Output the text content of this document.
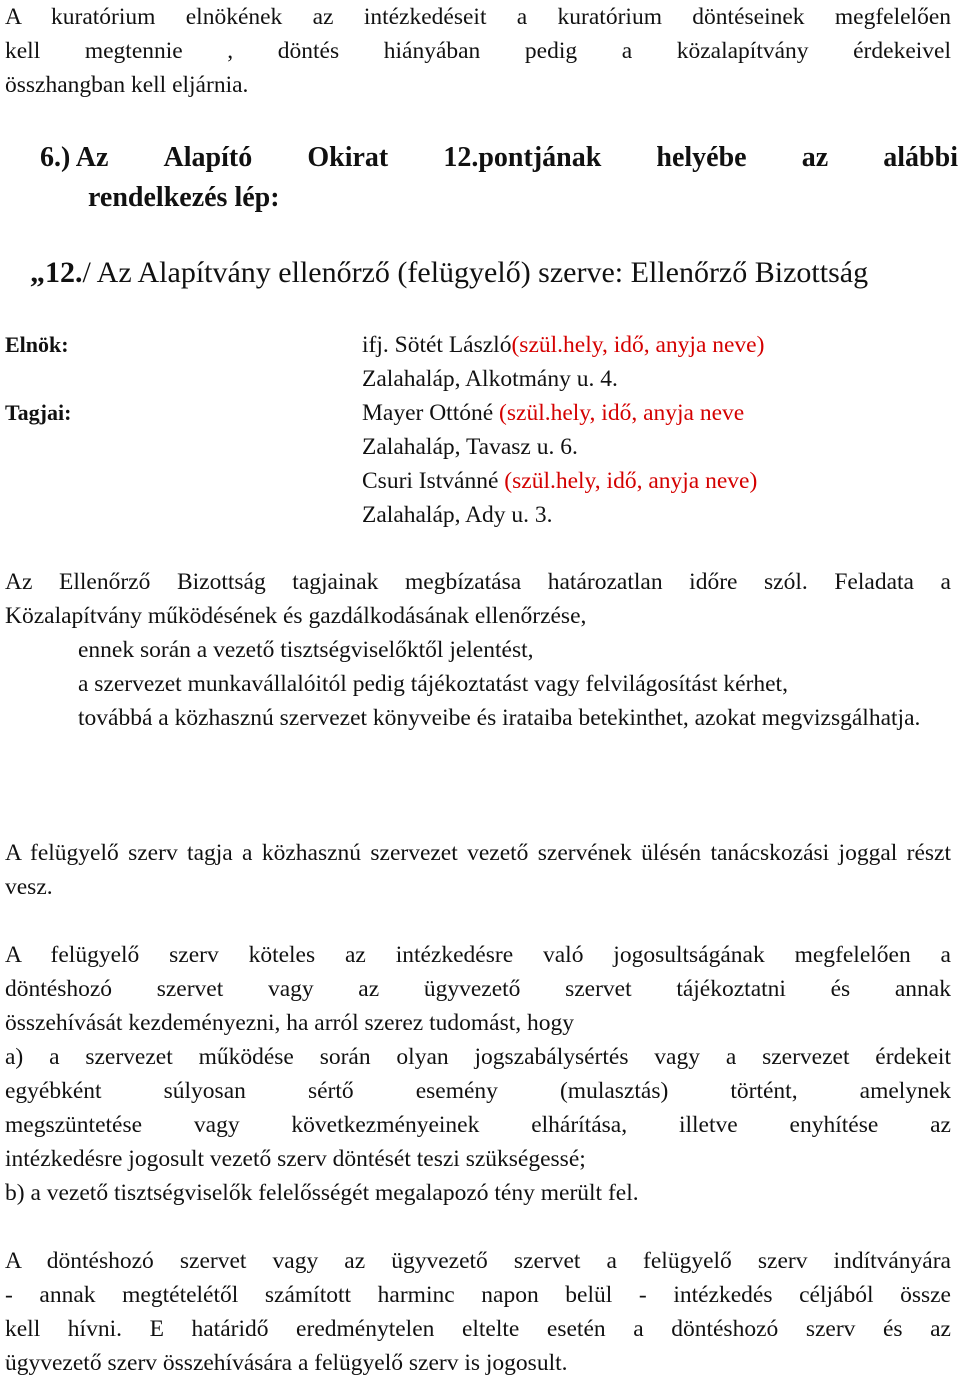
A kuratórium elnökének az intézkedéseit a kuratórium döntéseinek megfelelően
kell megtennie , döntés hiányában pedig a közalapítvány érdekeivel
összhangban kell eljárnia.
6.) Az Alapító Okirat 12.pontjának helyébe az alábbi
rendelkezés lép:
„12./ Az Alapítvány ellenőrző (felügyelő) szerve: Ellenőrző Bizottság
Elnök:
Tagjai:
ifj. Sötét László(szül.hely, idő, anyja neve)
Zalahaláp, Alkotmány u. 4.
Mayer Ottóné (szül.hely, idő, anyja neve
Zalahaláp, Tavasz u. 6.
Csuri Istvánné (szül.hely, idő, anyja neve)
Zalahaláp, Ady u. 3.
Az Ellenőrző Bizottság tagjainak megbízatása határozatlan időre szól. Feladata a
Közalapítvány működésének és gazdálkodásának ellenőrzése,
ennek során a vezető tisztségviselőktől jelentést,
a szervezet munkavállalóitól pedig tájékoztatást vagy felvilágosítást kérhet,
továbbá a közhasznú szervezet könyveibe és irataiba betekinthet, azokat megvizsgálhatja.
A felügyelő szerv tagja a közhasznú szervezet vezető szervének ülésén tanácskozási joggal részt vesz.
A felügyelő szerv köteles az intézkedésre való jogosultságának megfelelően a
döntéshozó szervet vagy az ügyvezető szervet tájékoztatni és annak
összehívását kezdeményezni, ha arról szerez tudomást, hogy
a) a szervezet működése során olyan jogszabálysértés vagy a szervezet érdekeit
egyébként súlyosan sértő esemény (mulasztás) történt, amelynek
megszüntetése vagy következményeinek elhárítása, illetve enyhítése az
intézkedésre jogosult vezető szerv döntését teszi szükségessé;
b) a vezető tisztségviselők felelősségét megalapozó tény merült fel.
A döntéshozó szervet vagy az ügyvezető szervet a felügyelő szerv indítványára
- annak megtételétől számított harminc napon belül - intézkedés céljából össze
kell hívni. E határidő eredménytelen eltelte esetén a döntéshozó szerv és az
ügyvezető szerv összehívására a felügyelő szerv is jogosult.
